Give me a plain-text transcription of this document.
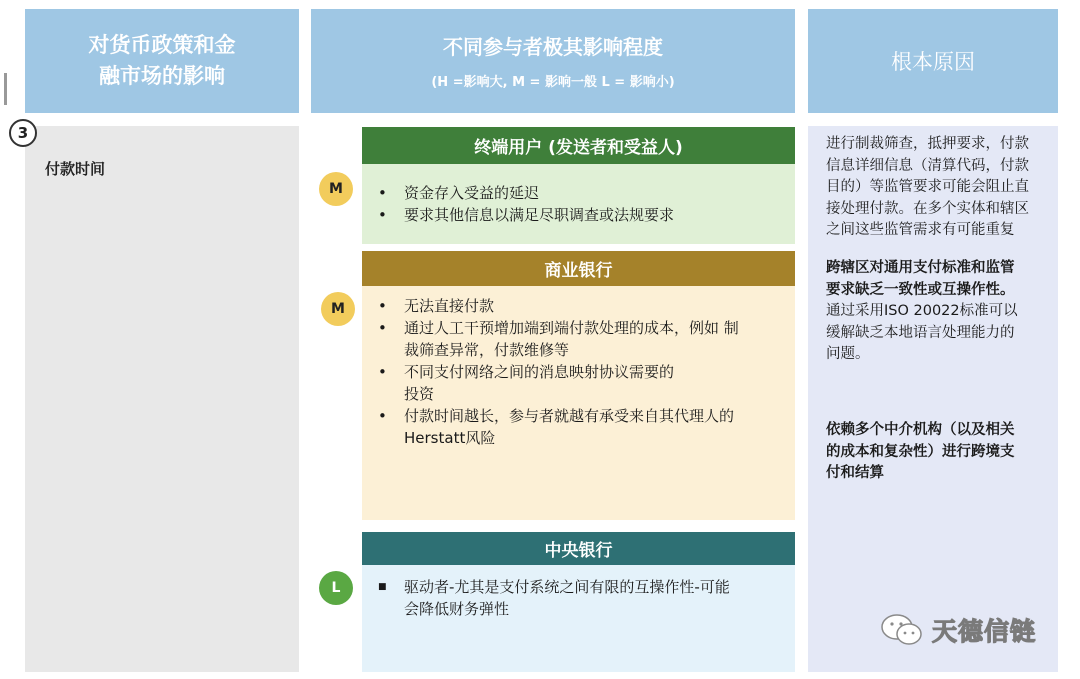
对货币政策和金
融市场的影响
不同参与者极其影响程度
(H =影响大, M = 影响一般 L = 影响小)
根本原因
3
付款时间
终端用户 (发送者和受益人)
• 资金存入受益的延迟
• 要求其他信息以满足尽职调查或法规要求
M
商业银行
• 无法直接付款
• 通过人工干预增加端到端付款处理的成本，例如 制
裁筛查异常，付款维修等
• 不同支付网络之间的消息映射协议需要的
投资
• 付款时间越长，参与者就越有承受来自其代理人的
Herstatt风险
M
中央银行
■ 驱动者-尤其是支付系统之间有限的互操作性-可能
会降低财务弹性
L
进行制裁筛查，抵押要求，付款
信息详细信息（清算代码，付款
目的）等监管要求可能会阻止直
接处理付款。在多个实体和辖区
之间这些监管需求有可能重复
跨辖区对通用支付标准和监管
要求缺乏一致性或互操作性。
通过采用ISO 20022标准可以
缓解缺乏本地语言处理能力的
问题。
依赖多个中介机构（以及相关
的成本和复杂性）进行跨境支
付和结算
天德信链
